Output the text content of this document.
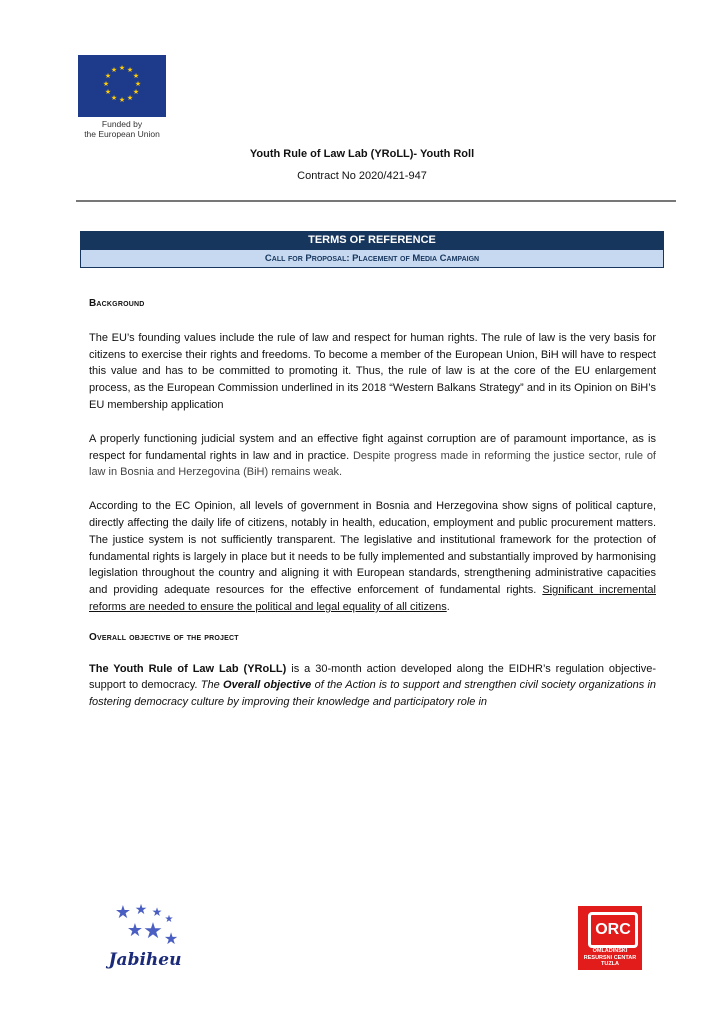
★ ★
★
★
★
★
★
★
★
★
★
★
Funded by
the European Union
Youth Rule of Law Lab (YRoLL)- Youth Roll
Contract No 2020/421-947
TERMS OF REFERENCE
Call for Proposal: Placement of Media Campaign

Background

The EU’s founding values include the rule of law and respect for human rights. The rule of law is the very basis for citizens to exercise their rights and freedoms. To become a member of the European Union, BiH will have to respect this value and has to be committed to promoting it. Thus, the rule of law is at the core of the EU enlargement process, as the European Commission underlined in its 2018 “Western Balkans Strategy” and in its Opinion on BiH’s EU membership application

A properly functioning judicial system and an effective fight against corruption are of paramount importance, as is respect for fundamental rights in law and in practice. Despite progress made in reforming the justice sector, rule of law in Bosnia and Herzegovina (BiH) remains weak.

According to the EC Opinion, all levels of government in Bosnia and Herzegovina show signs of political capture, directly affecting the daily life of citizens, notably in health, education, employment and public procurement matters. The justice system is not sufficiently transparent. The legislative and institutional framework for the protection of fundamental rights is largely in place but it needs to be fully implemented and substantially improved by harmonising legislation throughout the country and aligning it with European standards, strengthening administrative capacities and providing adequate resources for the effective enforcement of fundamental rights. Significant incremental reforms are needed to ensure the political and legal equality of all citizens.

Overall objective of the project

The Youth Rule of Law Lab (YRoLL) is a 30-month action developed along the EIDHR’s regulation objective-support to democracy. The Overall objective of the Action is to support and strengthen civil society organizations in fostering democracy culture by improving their knowledge and participatory role in

★ ★ ★
★
★ ★ ★
Jabiheu
ORC
OMLADINSKI
RESURSNI CENTAR
TUZLA
